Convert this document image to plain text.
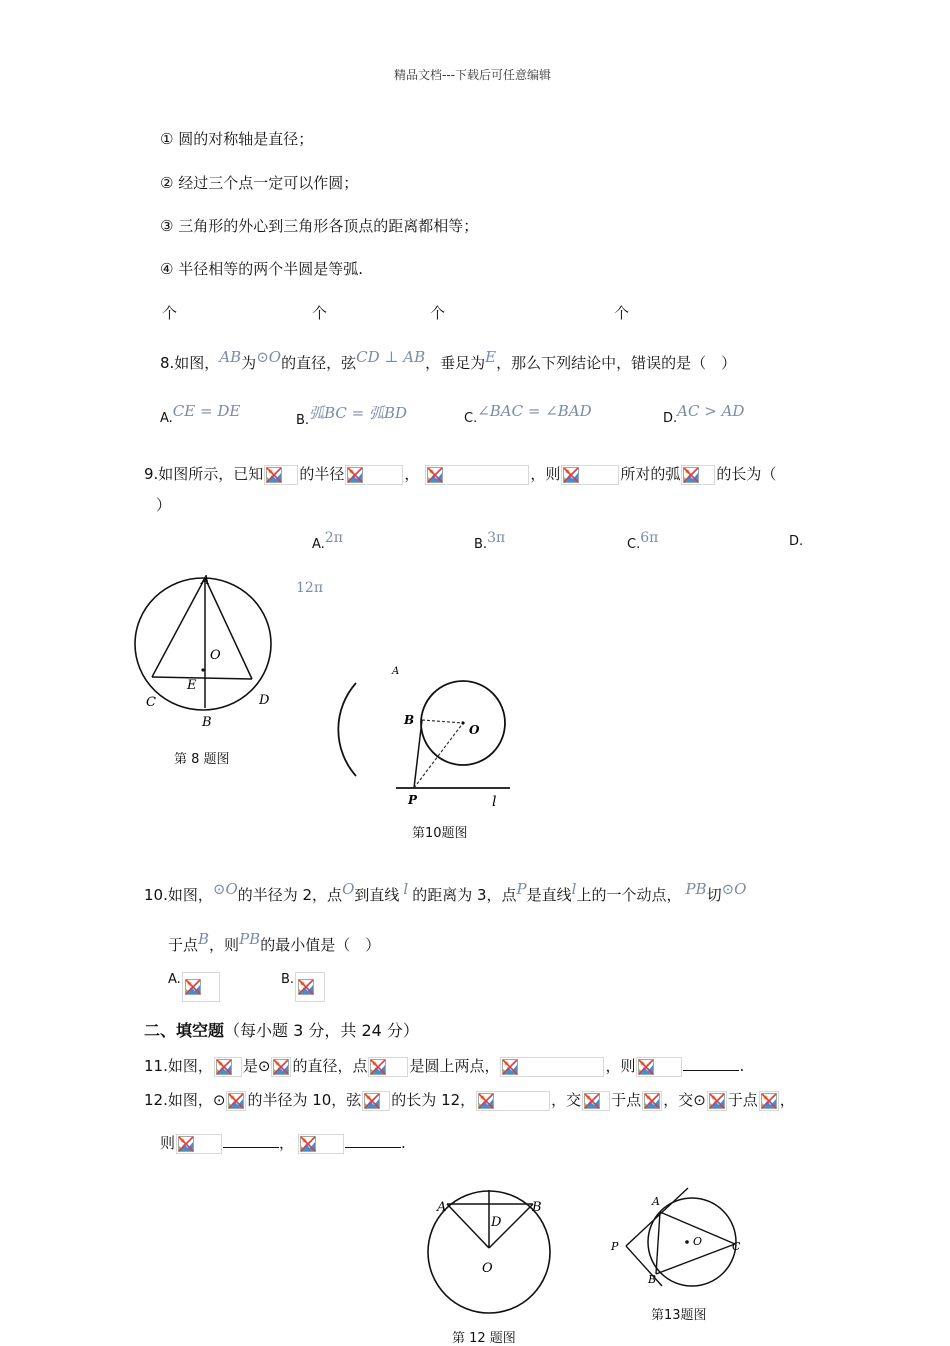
精品文档---下载后可任意编辑
① 圆的对称轴是直径；
② 经过三个点一定可以作圆；
③ 三角形的外心到三角形各顶点的距离都相等；
④ 半径相等的两个半圆是等弧.
个	个	个	个
8.如图，AB为⊙O的直径，弦CD ⊥ AB，垂足为E，那么下列结论中，错误的是（　）
A.CE = DE
B.弧BC = 弧BD	C.∠BAC = ∠BAD	D.AC > AD
9.如图所示，已知 的半径	，	，则	所对的弧 的长为（
）
A.2π	B.3π	C.6π	D.
12π
A
O
E
C	D
B
第 8 题图
A
B
O
P	l
第10题图
10.如图，⊙O的半径为 2，点O到直线 l 的距离为 3，点P是直线l上的一个动点， PB切⊙O
于点B，则PB的最小值是（　）
A.	B.
二、填空题（每小题 3 分，共 24 分）
11.如图， 是⊙ 的直径，点	是圆上两点，	，则	.
12.如图，⊙ 的半径为 10，弦 的长为 12，	，交 于点 ，交⊙ 于点 ，
则	，	.
A	B
D
O
第 12 题图
A
B
C
P	O
第13题图
